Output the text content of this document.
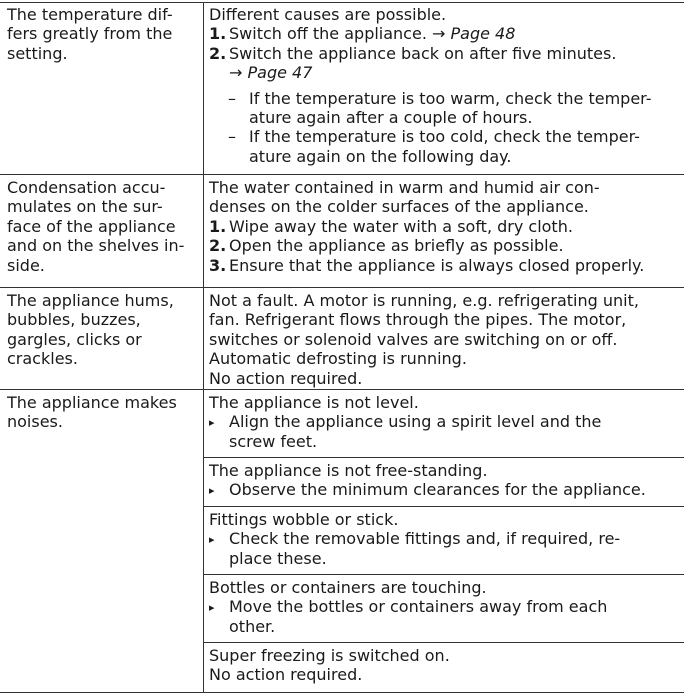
The temperature dif-
fers greatly from the
setting.
Different causes are possible.
1. Switch off the appliance. → Page 48
2. Switch the appliance back on after five minutes.
→ Page 47
– If the temperature is too warm, check the temper-
ature again after a couple of hours.
– If the temperature is too cold, check the temper-
ature again on the following day.
Condensation accu-
mulates on the sur-
face of the appliance
and on the shelves in-
side.
The water contained in warm and humid air con-
denses on the colder surfaces of the appliance.
1. Wipe away the water with a soft, dry cloth.
2. Open the appliance as briefly as possible.
3. Ensure that the appliance is always closed properly.
The appliance hums,
bubbles, buzzes,
gargles, clicks or
crackles.
Not a fault. A motor is running, e.g. refrigerating unit,
fan. Refrigerant flows through the pipes. The motor,
switches or solenoid valves are switching on or off.
Automatic defrosting is running.
No action required.
The appliance makes
noises.
The appliance is not level.
▸ Align the appliance using a spirit level and the
screw feet.
The appliance is not free-standing.
▸ Observe the minimum clearances for the appliance.
Fittings wobble or stick.
▸ Check the removable fittings and, if required, re-
place these.
Bottles or containers are touching.
▸ Move the bottles or containers away from each
other.
Super freezing is switched on.
No action required.
